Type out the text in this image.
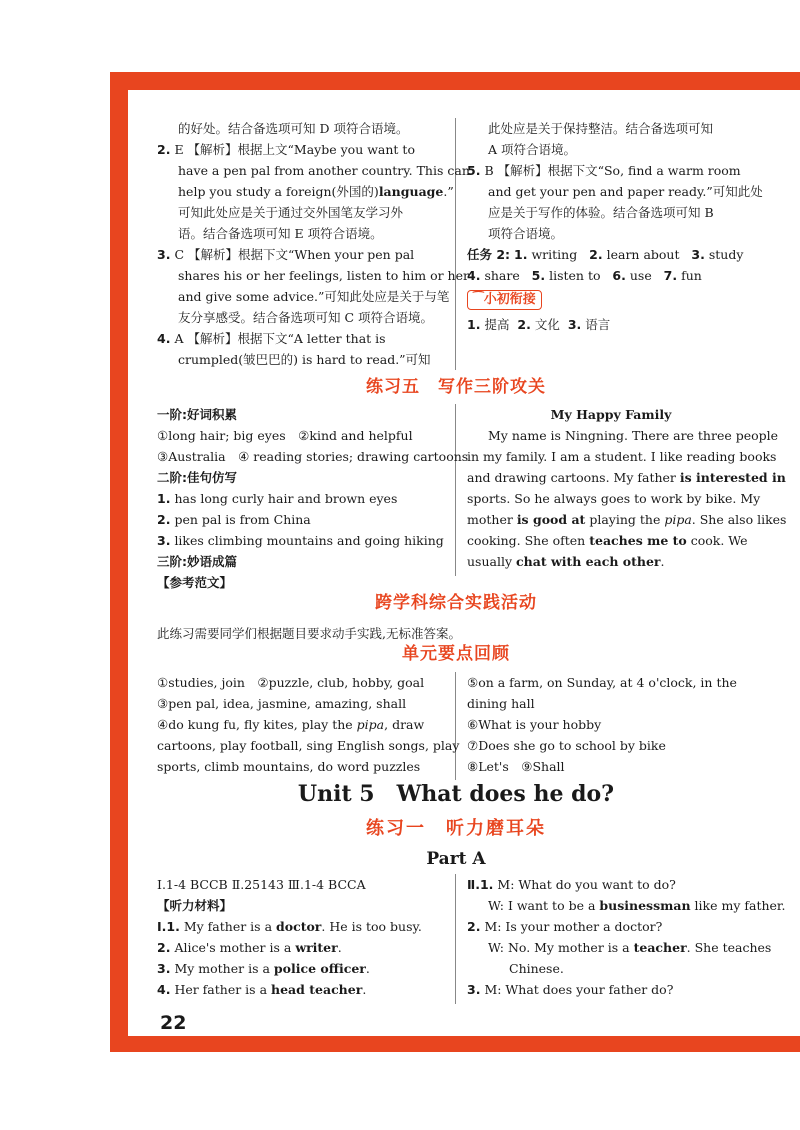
的好处。结合备选项可知 D 项符合语境。
2. E 【解析】根据上文“Maybe you want to
have a pen pal from another country. This can
help you study a foreign(外国的)language.”
可知此处应是关于通过交外国笔友学习外
语。结合备选项可知 E 项符合语境。
3. C 【解析】根据下文“When your pen pal
shares his or her feelings, listen to him or her
and give some advice.”可知此处应是关于与笔
友分享感受。结合备选项可知 C 项符合语境。
4. A 【解析】根据下文“A letter that is
crumpled(皱巴巴的) is hard to read.”可知
此处应是关于保持整洁。结合备选项可知
A 项符合语境。
5. B 【解析】根据下文“So, find a warm room
and get your pen and paper ready.”可知此处
应是关于写作的体验。结合备选项可知 B
项符合语境。
任务 2: 1. writing 2. learn about 3. study
4. share 5. listen to 6. use 7. fun
⁀小初衔接
1. 提高 2. 文化 3. 语言
练习五　写作三阶攻关
一阶:好词积累
①long hair; big eyes　②kind and helpful
③Australia　④ reading stories; drawing cartoons
二阶:佳句仿写
1. has long curly hair and brown eyes
2. pen pal is from China
3. likes climbing mountains and going hiking
三阶:妙语成篇
【参考范文】
My Happy Family
My name is Ningning. There are three people
in my family. I am a student. I like reading books
and drawing cartoons. My father is interested in
sports. So he always goes to work by bike. My
mother is good at playing the pipa. She also likes
cooking. She often teaches me to cook. We
usually chat with each other.
跨学科综合实践活动
此练习需要同学们根据题目要求动手实践,无标准答案。
单元要点回顾
①studies, join　②puzzle, club, hobby, goal
③pen pal, idea, jasmine, amazing, shall
④do kung fu, fly kites, play the pipa, draw
cartoons, play football, sing English songs, play
sports, climb mountains, do word puzzles
⑤on a farm, on Sunday, at 4 o'clock, in the
dining hall
⑥What is your hobby
⑦Does she go to school by bike
⑧Let's　⑨Shall
Unit 5　What does he do?
练习一　听力磨耳朵
Part A
Ⅰ.1-4 BCCB Ⅱ.25143 Ⅲ.1-4 BCCA
【听力材料】
Ⅰ.1. My father is a doctor. He is too busy.
2. Alice's mother is a writer.
3. My mother is a police officer.
4. Her father is a head teacher.
Ⅱ.1. M: What do you want to do?
W: I want to be a businessman like my father.
2. M: Is your mother a doctor?
W: No. My mother is a teacher. She teaches
Chinese.
3. M: What does your father do?
22
